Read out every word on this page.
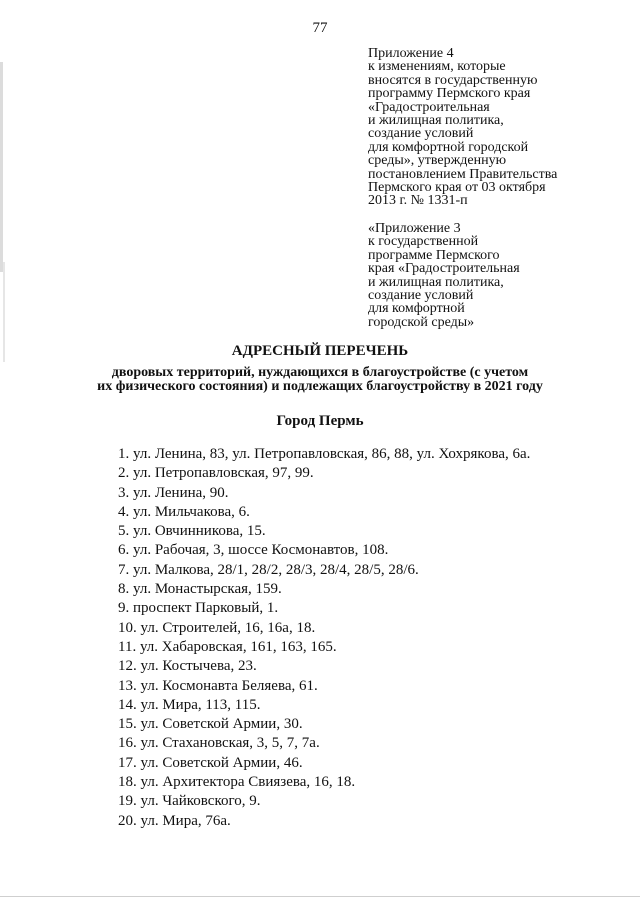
77
Приложение 4
к изменениям, которые
вносятся в государственную
программу Пермского края
«Градостроительная
и жилищная политика,
создание условий
для комфортной городской
среды», утвержденную
постановлением Правительства
Пермского края от 03 октября
2013 г. № 1331-п
«Приложение 3
к государственной
программе Пермского
края «Градостроительная
и жилищная политика,
создание условий
для комфортной
городской среды»
АДРЕСНЫЙ ПЕРЕЧЕНЬ
дворовых территорий, нуждающихся в благоустройстве (с учетом
их физического состояния) и подлежащих благоустройству в 2021 году
Город Пермь
1. ул. Ленина, 83, ул. Петропавловская, 86, 88, ул. Хохрякова, 6а.
2. ул. Петропавловская, 97, 99.
3. ул. Ленина, 90.
4. ул. Мильчакова, 6.
5. ул. Овчинникова, 15.
6. ул. Рабочая, 3, шоссе Космонавтов, 108.
7. ул. Малкова, 28/1, 28/2, 28/3, 28/4, 28/5, 28/6.
8. ул. Монастырская, 159.
9. проспект Парковый, 1.
10. ул. Строителей, 16, 16а, 18.
11. ул. Хабаровская, 161, 163, 165.
12. ул. Костычева, 23.
13. ул. Космонавта Беляева, 61.
14. ул. Мира, 113, 115.
15. ул. Советской Армии, 30.
16. ул. Стахановская, 3, 5, 7, 7а.
17. ул. Советской Армии, 46.
18. ул. Архитектора Свиязева, 16, 18.
19. ул. Чайковского, 9.
20. ул. Мира, 76а.
